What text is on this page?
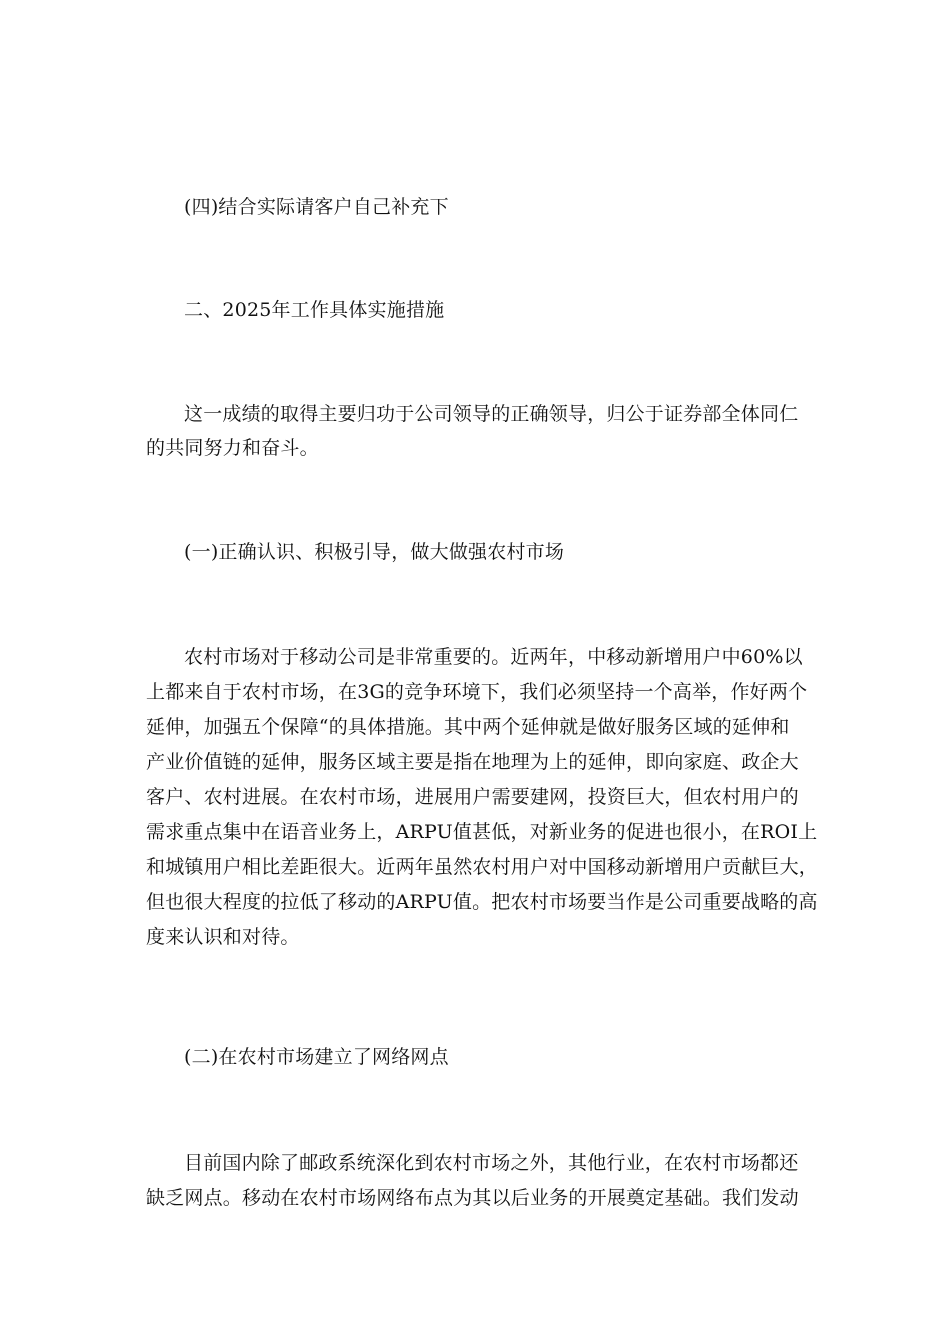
(四)结合实际请客户自己补充下
二、2025年工作具体实施措施
这一成绩的取得主要归功于公司领导的正确领导，归公于证券部全体同仁
的共同努力和奋斗。
(一)正确认识、积极引导，做大做强农村市场
农村市场对于移动公司是非常重要的。近两年，中移动新增用户中60%以
上都来自于农村市场，在3G的竞争环境下，我们必须坚持一个高举，作好两个
延伸，加强五个保障“的具体措施。其中两个延伸就是做好服务区域的延伸和
产业价值链的延伸，服务区域主要是指在地理为上的延伸，即向家庭、政企大
客户、农村进展。在农村市场，进展用户需要建网，投资巨大，但农村用户的
需求重点集中在语音业务上，ARPU值甚低，对新业务的促进也很小，在ROI上
和城镇用户相比差距很大。近两年虽然农村用户对中国移动新增用户贡献巨大，
但也很大程度的拉低了移动的ARPU值。把农村市场要当作是公司重要战略的高
度来认识和对待。
(二)在农村市场建立了网络网点
目前国内除了邮政系统深化到农村市场之外，其他行业，在农村市场都还
缺乏网点。移动在农村市场网络布点为其以后业务的开展奠定基础。我们发动
